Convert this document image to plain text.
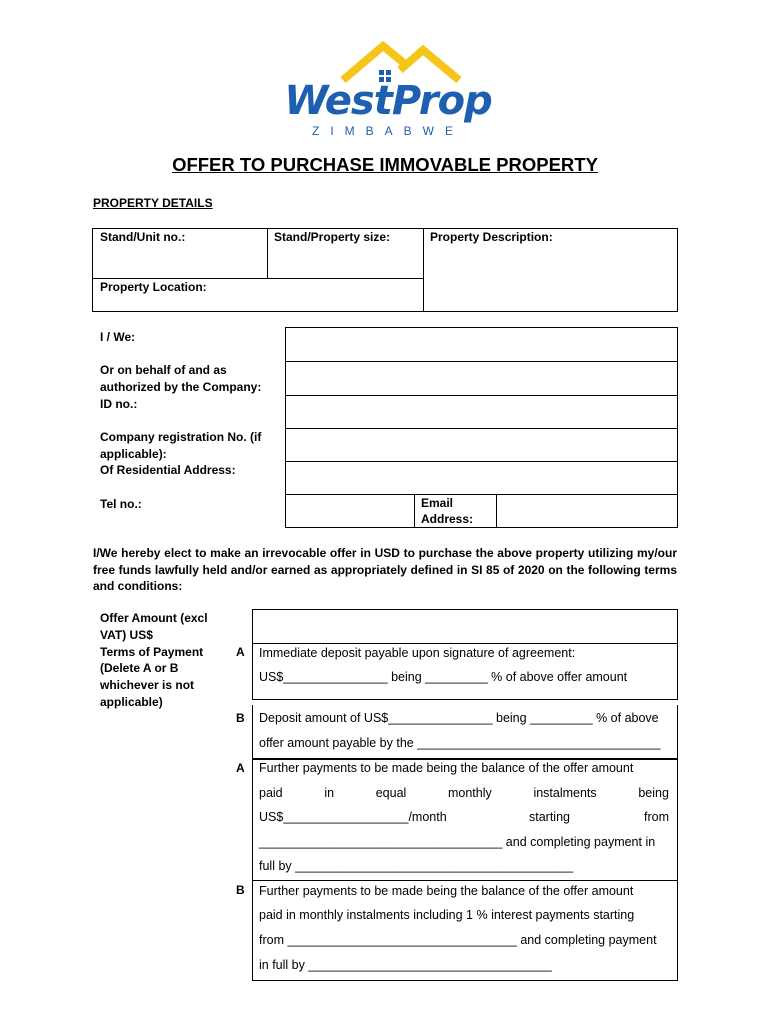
WestProp
ZIMBABWE
OFFER TO PURCHASE IMMOVABLE PROPERTY
PROPERTY DETAILS
Stand/Unit no.:	Stand/Property size:	Property Description:
Property Location:
I / We:
Or on behalf of and as authorized by the Company:
ID no.:
Company registration No. (if applicable):
Of Residential Address:
Tel no.:	Email Address:
I/We hereby elect to make an irrevocable offer in USD to purchase the above property utilizing my/our free funds lawfully held and/or earned as appropriately defined in SI 85 of 2020 on the following terms and conditions:
Offer Amount (excl VAT) US$
Terms of Payment
(Delete A or B whichever is not applicable)
A Immediate deposit payable upon signature of agreement:
US$_______________ being _________ % of above offer amount
B Deposit amount of US$_______________ being _________ % of above
offer amount payable by the ___________________________________
A Further payments to be made being the balance of the offer amount
paid	in	equal	monthly	instalments	being
US$__________________/month	starting	from
___________________________________ and completing payment in
full by ________________________________________
B Further payments to be made being the balance of the offer amount
paid in monthly instalments including 1 % interest payments starting
from _________________________________ and completing payment
in full by ___________________________________
